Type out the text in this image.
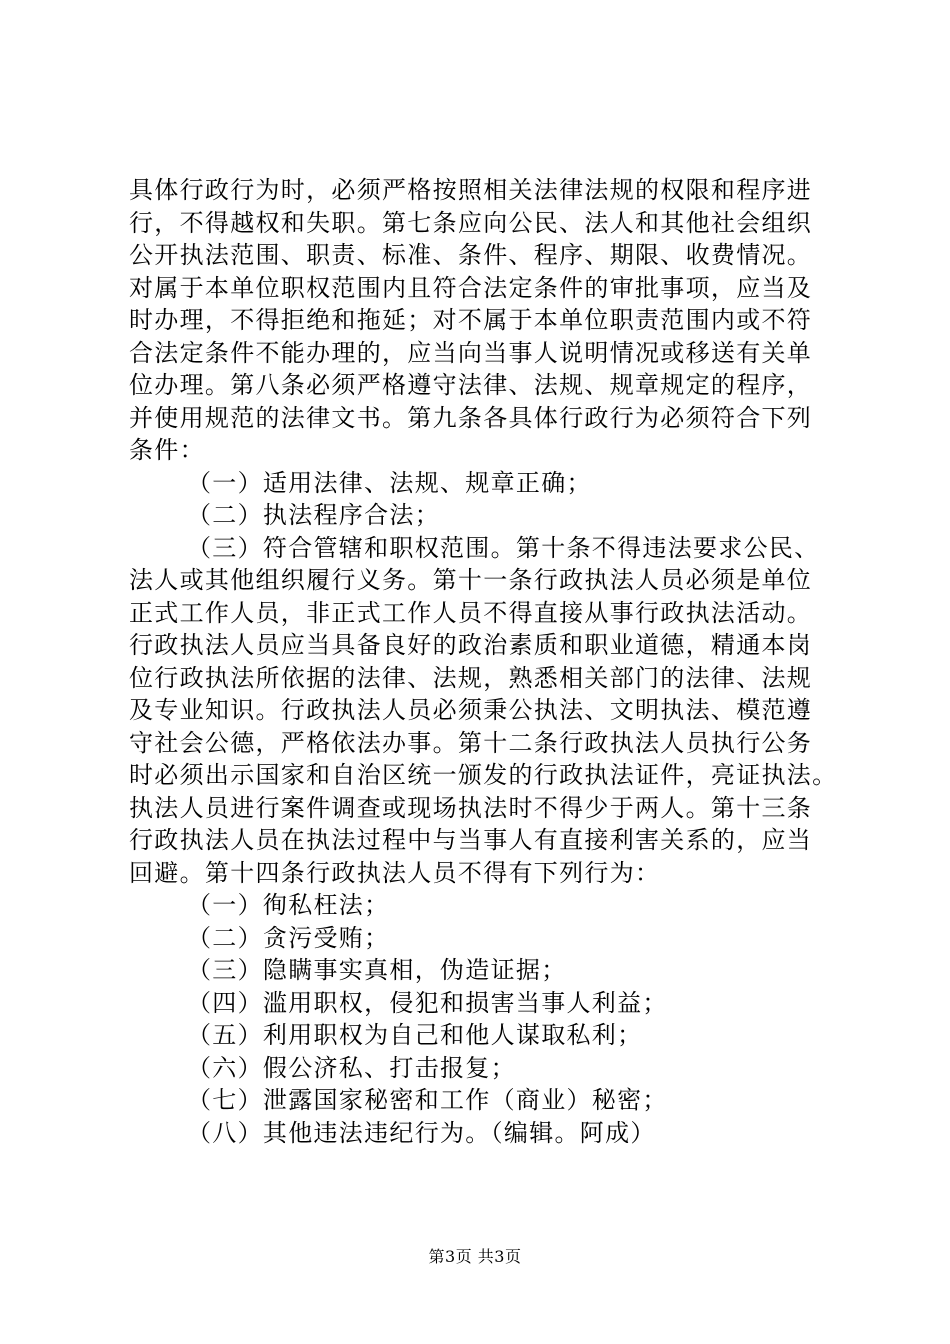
具体行政行为时，必须严格按照相关法律法规的权限和程序进
行，不得越权和失职。第七条应向公民、法人和其他社会组织
公开执法范围、职责、标准、条件、程序、期限、收费情况。
对属于本单位职权范围内且符合法定条件的审批事项，应当及
时办理，不得拒绝和拖延；对不属于本单位职责范围内或不符
合法定条件不能办理的，应当向当事人说明情况或移送有关单
位办理。第八条必须严格遵守法律、法规、规章规定的程序，
并使用规范的法律文书。第九条各具体行政行为必须符合下列
条件：
（一）适用法律、法规、规章正确；
（二）执法程序合法；
（三）符合管辖和职权范围。第十条不得违法要求公民、
法人或其他组织履行义务。第十一条行政执法人员必须是单位
正式工作人员，非正式工作人员不得直接从事行政执法活动。
行政执法人员应当具备良好的政治素质和职业道德，精通本岗
位行政执法所依据的法律、法规，熟悉相关部门的法律、法规
及专业知识。行政执法人员必须秉公执法、文明执法、模范遵
守社会公德，严格依法办事。第十二条行政执法人员执行公务
时必须出示国家和自治区统一颁发的行政执法证件，亮证执法。
执法人员进行案件调查或现场执法时不得少于两人。第十三条
行政执法人员在执法过程中与当事人有直接利害关系的，应当
回避。第十四条行政执法人员不得有下列行为：
（一）徇私枉法；
（二）贪污受贿；
（三）隐瞒事实真相，伪造证据；
（四）滥用职权，侵犯和损害当事人利益；
（五）利用职权为自己和他人谋取私利；
（六）假公济私、打击报复；
（七）泄露国家秘密和工作（商业）秘密；
（八）其他违法违纪行为。（编辑。阿成）
第3页 共3页
